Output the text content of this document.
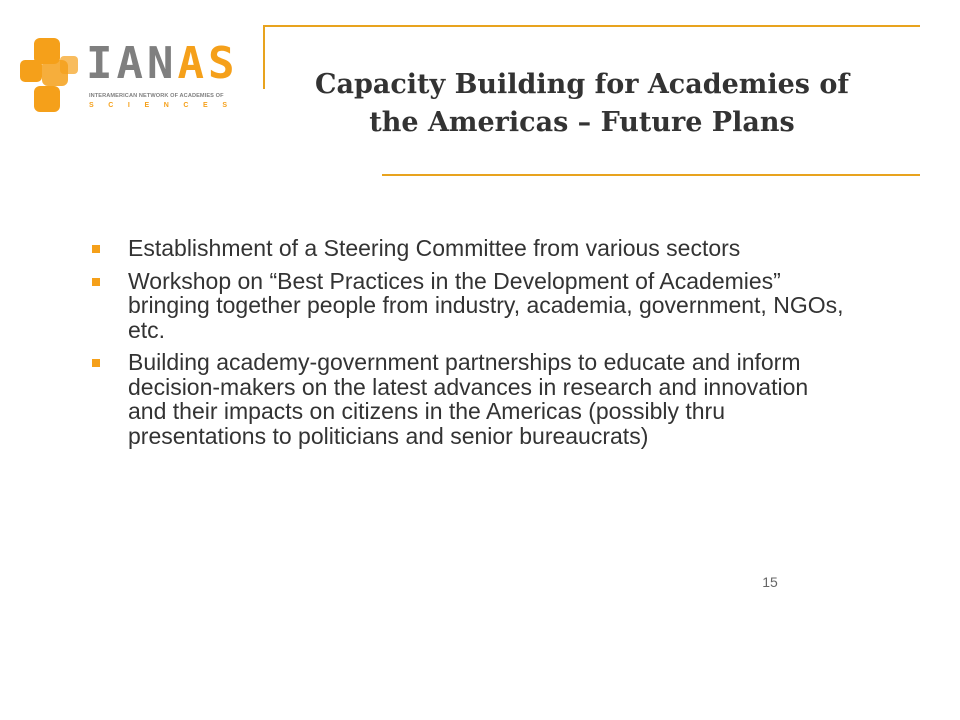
IANAS
INTERAMERICAN NETWORK OF ACADEMIES OF
SCIENCES
Capacity Building for Academies of
the Americas – Future Plans
Establishment of a Steering Committee from various sectors
Workshop on “Best Practices in the Development of Academies” bringing together people from industry, academia, government, NGOs, etc.
Building academy-government partnerships to educate and inform decision-makers on the latest advances in research and innovation and their impacts on citizens in the Americas (possibly thru presentations to politicians and senior bureaucrats)
15
